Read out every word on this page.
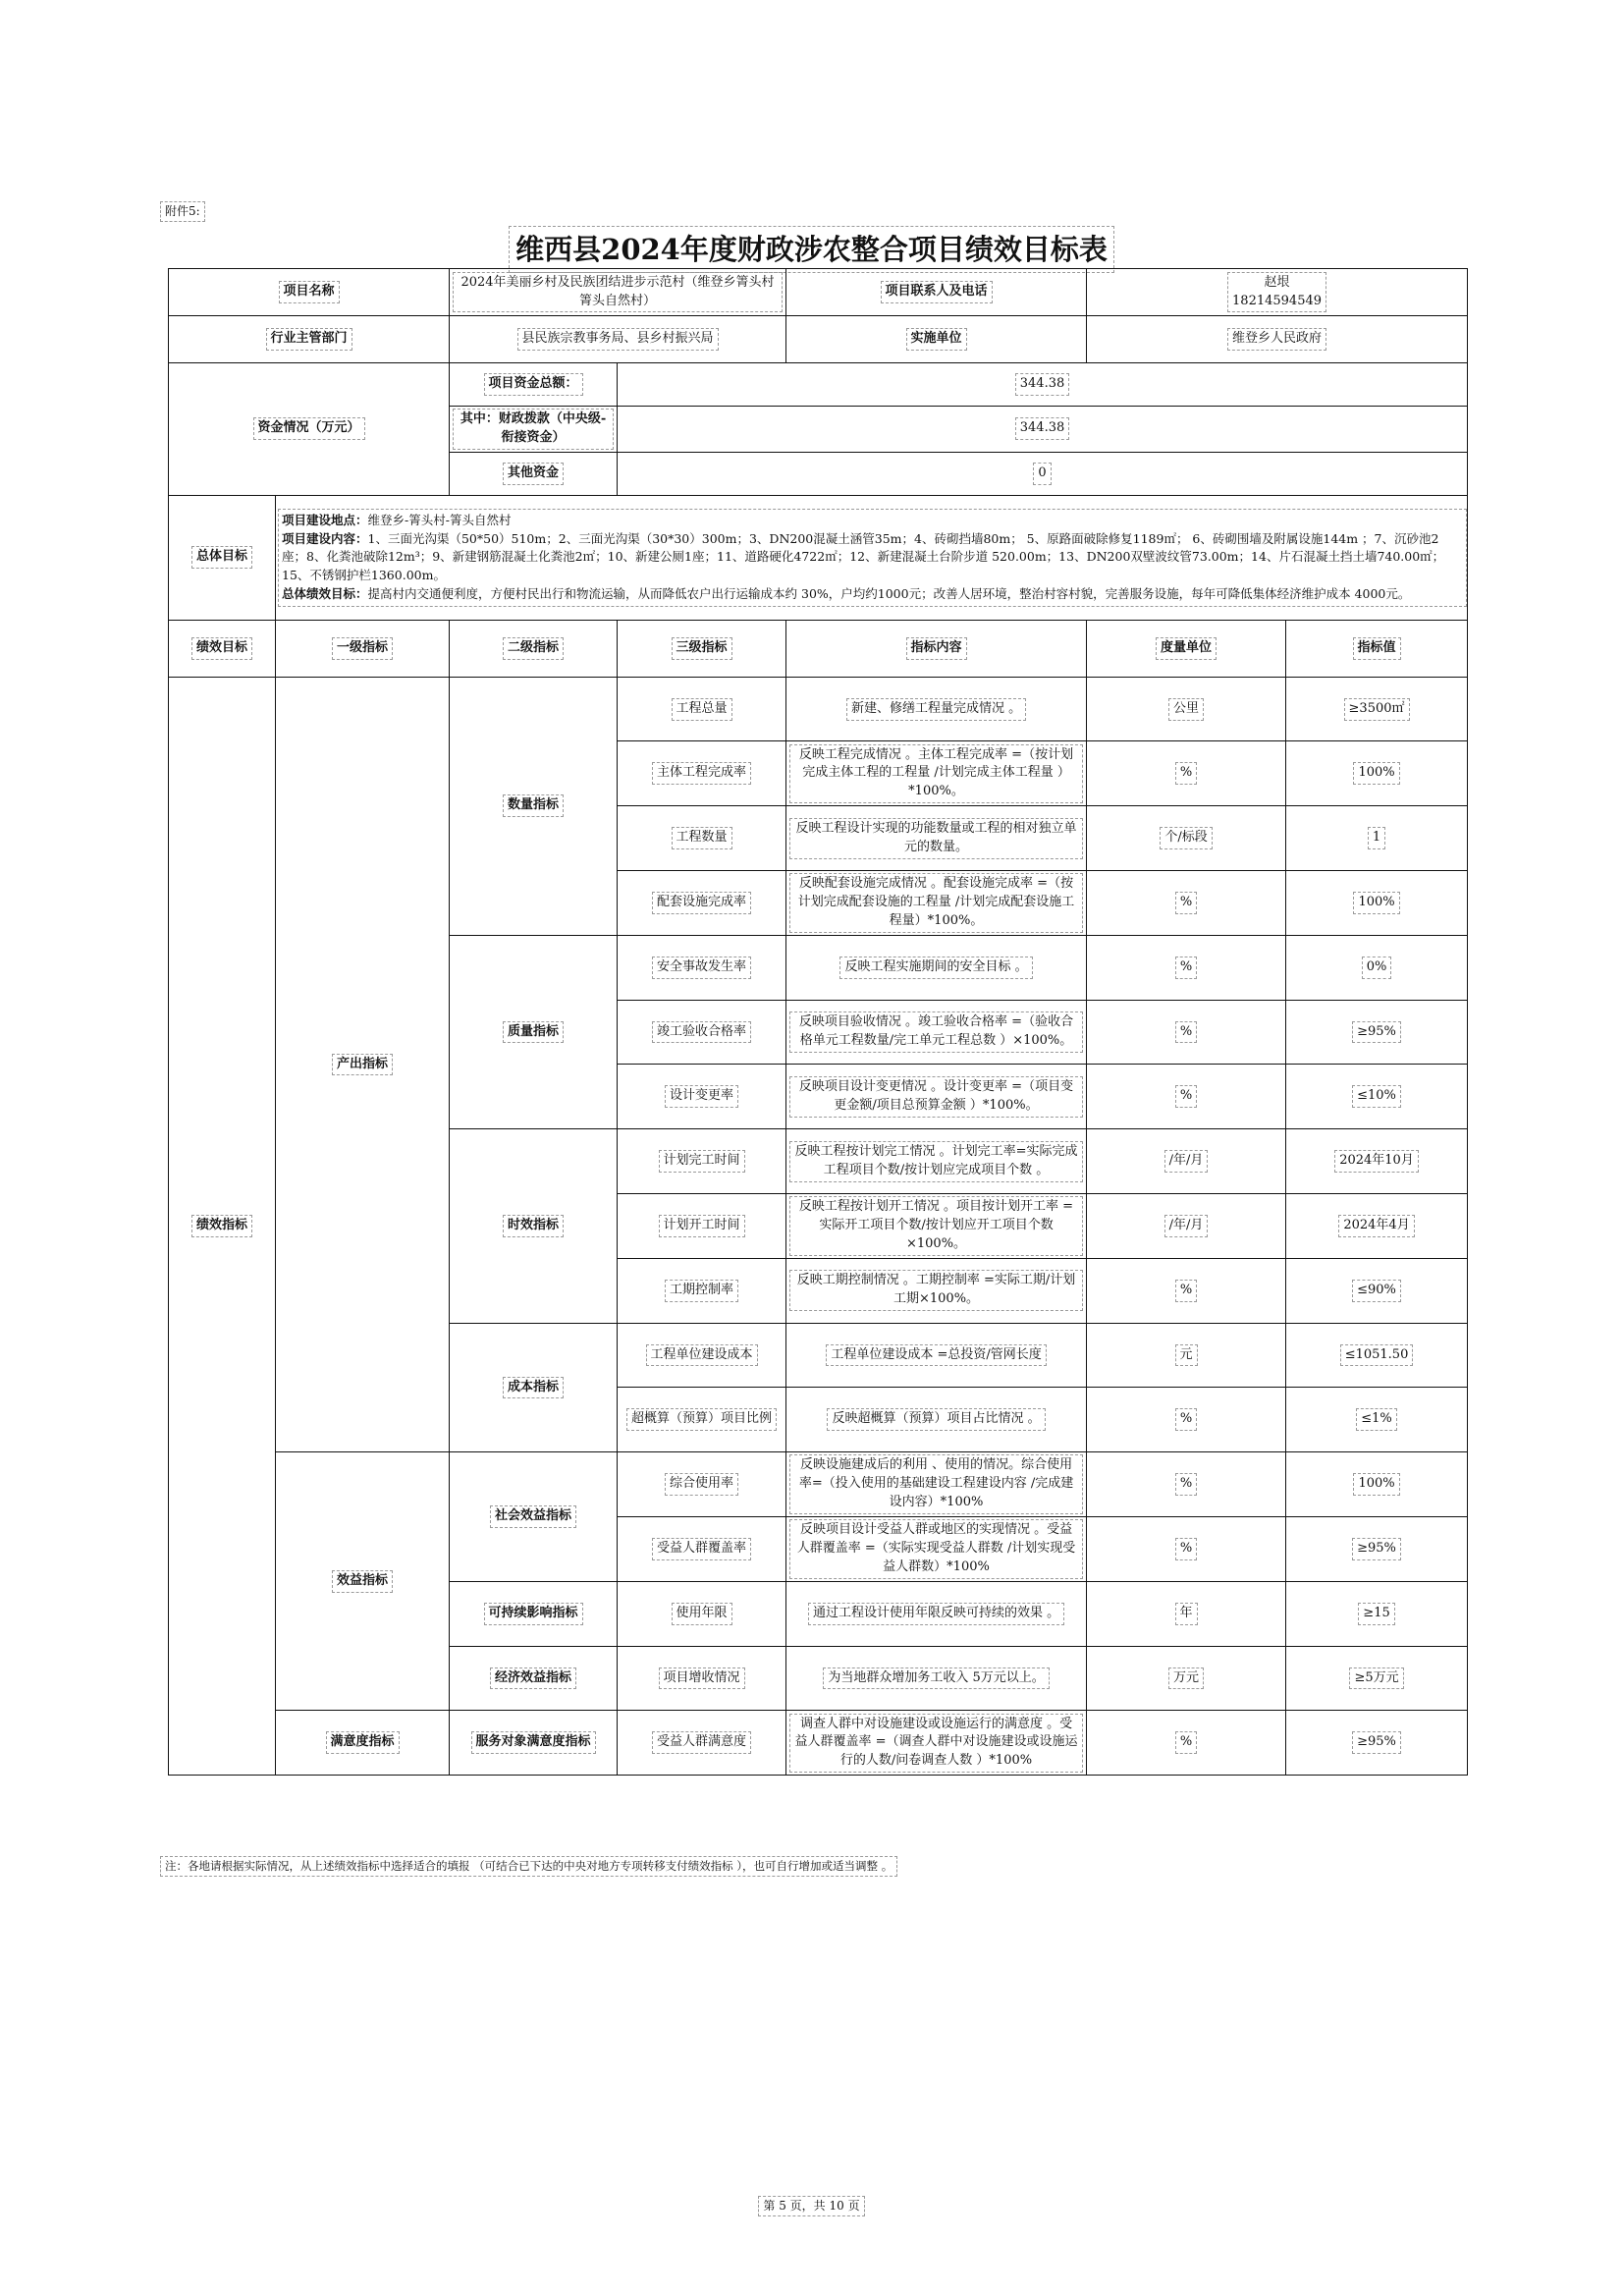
附件5:
维西县2024年度财政涉农整合项目绩效目标表
项目名称		2024年美丽乡村及民族团结进步示范村（维登乡箐头村箐头自然村）		项目联系人及电话	赵垠
18214594549	
行业主管部门		县民族宗教事务局、县乡村振兴局		实施单位	维登乡人民政府	
资金情况（万元）		项目资金总额：	344.38			
		其中：财政拨款（中央级-衔接资金）	344.38			
		其他资金	0			
总体目标	项目建设地点：维登乡-箐头村-箐头自然村
项目建设内容：1、三面光沟渠（50*50）510m；2、三面光沟渠（30*30）300m；3、DN200混凝土涵管35m；4、砖砌挡墙80m； 5、原路面破除修复1189㎡； 6、砖砌围墙及附属设施144m ；7、沉砂池2座；8、化粪池破除12m³；9、新建钢筋混凝土化粪池2㎡；10、新建公厕1座；11、道路硬化4722㎡；12、新建混凝土台阶步道 520.00m；13、DN200双壁波纹管73.00m；14、片石混凝土挡土墙740.00㎡；15、不锈钢护栏1360.00m。
总体绩效目标：提高村内交通便利度，方便村民出行和物流运输，从而降低农户出行运输成本约 30%，户均约1000元；改善人居环境，整治村容村貌，完善服务设施，每年可降低集体经济维护成本 4000元。					

绩效目标	一级指标	二级指标	三级指标	指标内容	度量单位	指标值
绩效指标	产出指标	数量指标	工程总量	新建、修缮工程量完成情况 。	公里	≥3500㎡
			主体工程完成率	反映工程完成情况 。主体工程完成率 =（按计划完成主体工程的工程量 /计划完成主体工程量 ）*100%。	%	100%
			工程数量	反映工程设计实现的功能数量或工程的相对独立单元的数量。	个/标段	1
			配套设施完成率	反映配套设施完成情况 。配套设施完成率 =（按计划完成配套设施的工程量 /计划完成配套设施工程量）*100%。	%	100%
		质量指标	安全事故发生率	反映工程实施期间的安全目标 。	%	0%
			竣工验收合格率	反映项目验收情况 。竣工验收合格率 =（验收合格单元工程数量/完工单元工程总数 ）×100%。	%	≥95%
			设计变更率	反映项目设计变更情况 。设计变更率 =（项目变更金额/项目总预算金额 ）*100%。	%	≤10%
		时效指标	计划完工时间	反映工程按计划完工情况 。计划完工率=实际完成工程项目个数/按计划应完成项目个数 。	/年/月	2024年10月
			计划开工时间	反映工程按计划开工情况 。项目按计划开工率 =实际开工项目个数/按计划应开工项目个数 ×100%。	/年/月	2024年4月
			工期控制率	反映工期控制情况 。工期控制率 =实际工期/计划工期×100%。	%	≤90%
		成本指标	工程单位建设成本	工程单位建设成本 =总投资/管网长度	元	≤1051.50
			超概算（预算）项目比例	反映超概算（预算）项目占比情况 。	%	≤1%
	效益指标	社会效益指标	综合使用率	反映设施建成后的利用 、使用的情况。综合使用率=（投入使用的基础建设工程建设内容 /完成建设内容）*100%	%	100%
			受益人群覆盖率	反映项目设计受益人群或地区的实现情况 。受益人群覆盖率 =（实际实现受益人群数 /计划实现受益人群数）*100%	%	≥95%
		可持续影响指标	使用年限	通过工程设计使用年限反映可持续的效果 。	年	≥15
		经济效益指标	项目增收情况	为当地群众增加务工收入 5万元以上。	万元	≥5万元
	满意度指标	服务对象满意度指标	受益人群满意度	调查人群中对设施建设或设施运行的满意度 。受益人群覆盖率 =（调查人群中对设施建设或设施运行的人数/问卷调查人数 ）*100%	%	≥95%
注：各地请根据实际情况，从上述绩效指标中选择适合的填报 （可结合已下达的中央对地方专项转移支付绩效指标 ），也可自行增加或适当调整 。
第 5 页，共 10 页
